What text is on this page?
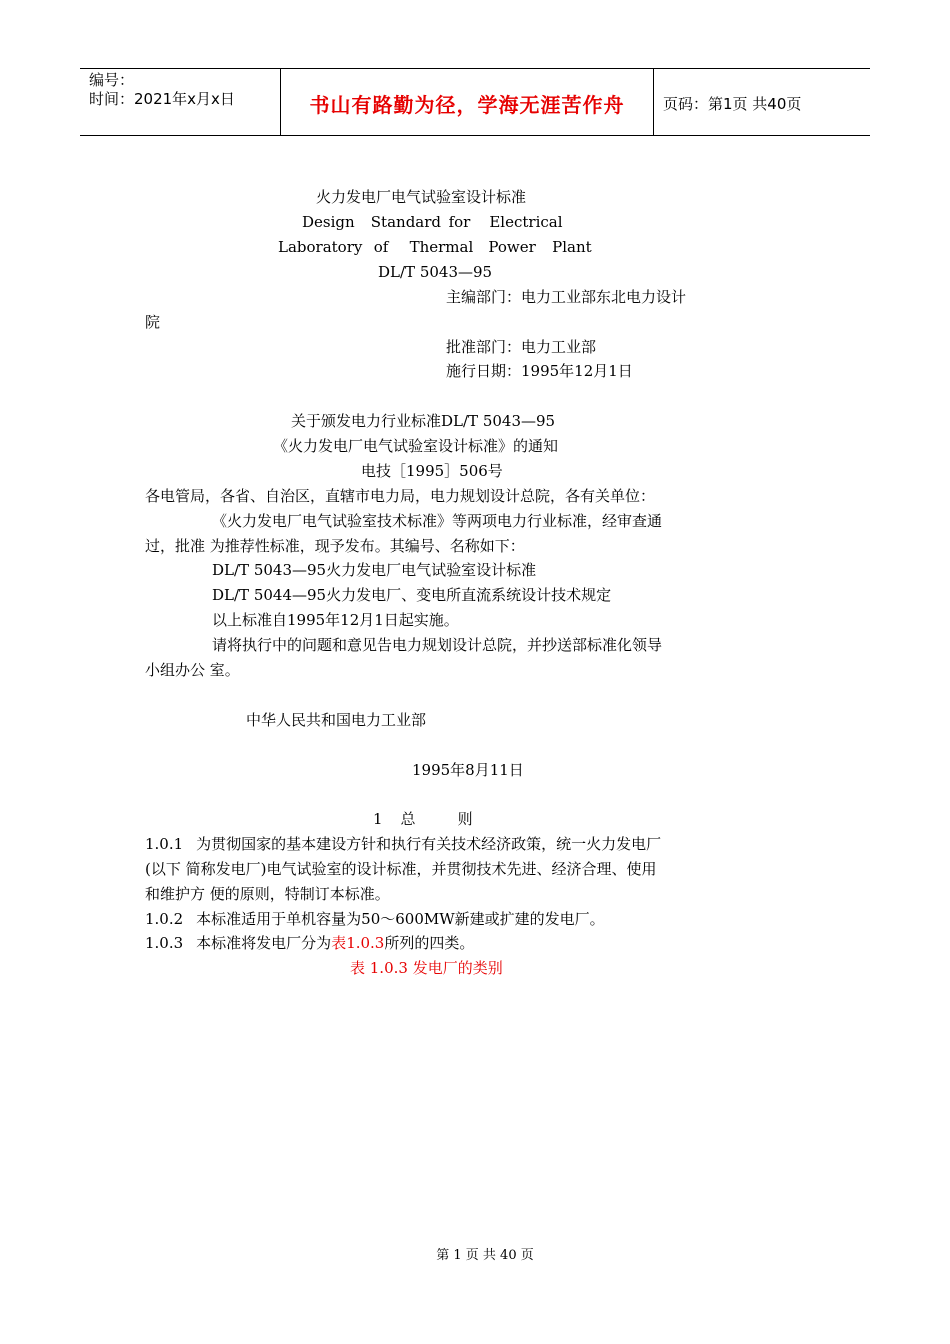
编号：
时间：2021年x月x日	书山有路勤为径，学海无涯苦作舟	页码：第1页 共40页
火力发电厂电气试验室设计标准
Design Standard for Electrical
Laboratory of Thermal Power Plant
DL/T 5043—95
主编部门：电力工业部东北电力设计
院
批准部门：电力工业部
施行日期：1995年12月1日
关于颁发电力行业标准DL/T 5043—95
《火力发电厂电气试验室设计标准》的通知
电技［1995］506号
各电管局，各省、自治区，直辖市电力局，电力规划设计总院，各有关单位：
《火力发电厂电气试验室技术标准》等两项电力行业标准，经审查通
过，批准 为推荐性标准，现予发布。其编号、名称如下：
DL/T 5043—95火力发电厂电气试验室设计标准
DL/T 5044—95火力发电厂、变电所直流系统设计技术规定
以上标准自1995年12月1日起实施。
请将执行中的问题和意见告电力规划设计总院，并抄送部标准化领导
小组办公 室。
中华人民共和国电力工业部
1995年8月11日
1 总	则
1.0.1 为贯彻国家的基本建设方针和执行有关技术经济政策，统一火力发电厂
(以下 简称发电厂)电气试验室的设计标准，并贯彻技术先进、经济合理、使用
和维护方 便的原则，特制订本标准。
1.0.2 本标准适用于单机容量为50～600MW新建或扩建的发电厂。
1.0.3 本标准将发电厂分为表1.0.3所列的四类。
表 1.0.3 发电厂的类别
第 1 页 共 40 页
